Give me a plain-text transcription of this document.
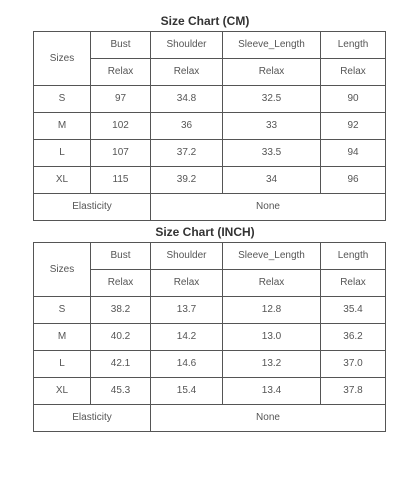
Size Chart (CM)
Sizes	Bust	Shoulder	Sleeve_Length	Length
	Relax	Relax	Relax	Relax
S	97	34.8	32.5	90
M	102	36	33	92
L	107	37.2	33.5	94
XL	115	39.2	34	96
Elasticity		None		
Size Chart (INCH)
Sizes	Bust	Shoulder	Sleeve_Length	Length
	Relax	Relax	Relax	Relax
S	38.2	13.7	12.8	35.4
M	40.2	14.2	13.0	36.2
L	42.1	14.6	13.2	37.0
XL	45.3	15.4	13.4	37.8
Elasticity		None		
